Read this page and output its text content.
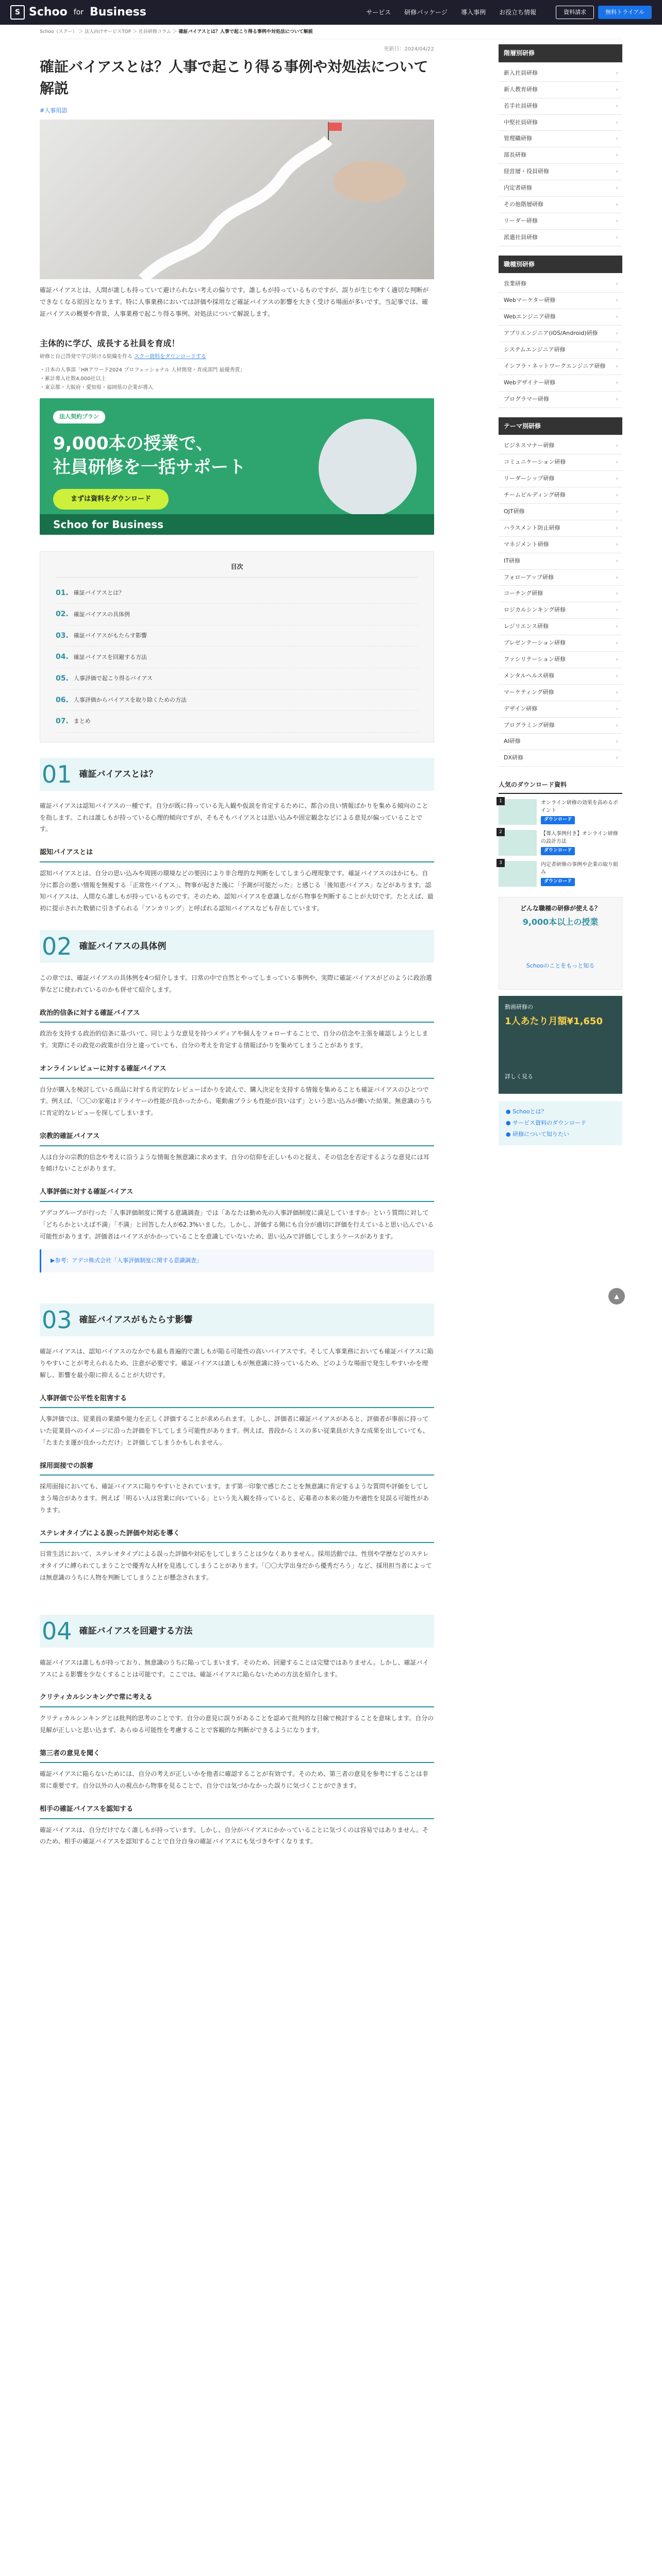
S Schoo for Business	サービス 研修パッケージ 導入事例 お役立ち情報	資料請求	無料トライアル
Schoo（スクー） ＞ 法人向けサービスTOP ＞ 社員研修コラム ＞ 確証バイアスとは？人事で起こり得る事例や対処法について解説
更新日：2024/04/22
確証バイアスとは？人事で起こり得る事例や対処法について解説
#人事用語

確証バイアスとは、人間が誰しも持っていて避けられない考えの偏りです。誰しもが持っているものですが、誤りが生じやすく適切な判断ができなくなる原因となります。特に人事業務においては評価や採用など確証バイアスの影響を大きく受ける場面が多いです。当記事では、確証バイアスの概要や背景、人事業務で起こり得る事例、対処法について解説します。

主体的に学び、成長する社員を育成！
研修と自己啓発で学び続ける組織を作る スクー資料をダウンロードする
・日本の人事部「HRアワード2024 プロフェッショナル 人材開発・育成部門 最優秀賞」
・累計導入社数4,000社以上
・東京都・大阪府・愛知県・福岡県の企業が導入
法人契約プラン
9,000本の授業で、
社員研修を一括サポート
まずは資料をダウンロード
Schoo for Business
目次
01. 確証バイアスとは？
02. 確証バイアスの具体例
03. 確証バイアスがもたらす影響
04. 確証バイアスを回避する方法
05. 人事評価で起こり得るバイアス
06. 人事評価からバイアスを取り除くための方法
07. まとめ
01 確証バイアスとは？

確証バイアスは認知バイアスの一種です。自分が既に持っている先入観や仮説を肯定するために、都合の良い情報ばかりを集める傾向のことを指します。これは誰しもが持っている心理的傾向ですが、そもそもバイアスとは思い込みや固定観念などによる意見が偏っていることです。

認知バイアスとは

認知バイアスとは、自分の思い込みや周囲の環境などの要因により非合理的な判断をしてしまう心理現象です。確証バイアスのほかにも、自分に都合の悪い情報を無視する「正常性バイアス」、物事が起きた後に「予測が可能だった」と感じる「後知恵バイアス」などがあります。認知バイアスは、人間なら誰しもが持っているものです。そのため、認知バイアスを意識しながら物事を判断することが大切です。たとえば、最初に提示された数値に引きずられる「アンカリング」と呼ばれる認知バイアスなども存在しています。

02 確証バイアスの具体例

この章では、確証バイアスの具体例を4つ紹介します。日常の中で自然とやってしまっている事例や、実際に確証バイアスがどのように政治選挙などに使われているのかも併せて紹介します。

政治的信条に対する確証バイアス

政治を支持する政治的信条に基づいて、同じような意見を持つメディアや個人をフォローすることで、自分の信念や主張を確認しようとします。実際にその政党の政策が自分と違っていても、自分の考えを肯定する情報ばかりを集めてしまうことがあります。

オンラインレビューに対する確証バイアス

自分が購入を検討している商品に対する肯定的なレビューばかりを読んで、購入決定を支持する情報を集めることも確証バイアスのひとつです。例えば、「〇〇の家電はドライヤーの性能が良かったから、電動歯ブラシも性能が良いはず」という思い込みが働いた結果、無意識のうちに肯定的なレビューを探してしまいます。

宗教的確証バイアス

人は自分の宗教的信念や考えに沿うような情報を無意識に求めます。自分の信仰を正しいものと捉え、その信念を否定するような意見には耳を傾けないことがあります。

人事評価に対する確証バイアス

アデコグループが行った「人事評価制度に関する意識調査」では「あなたは勤め先の人事評価制度に満足していますか」という質問に対して「どちらかといえば不満」「不満」と回答した人が62.3%いました。しかし、評価する側にも自分が適切に評価を行えていると思い込んでいる可能性があります。評価者はバイアスがかかっていることを意識していないため、思い込みで評価してしまうケースがあります。

▶参考：アデコ株式会社「人事評価制度に関する意識調査」
03 確証バイアスがもたらす影響

確証バイアスは、認知バイアスのなかでも最も普遍的で誰しもが陥る可能性の高いバイアスです。そして人事業務においても確証バイアスに陥りやすいことが考えられるため、注意が必要です。確証バイアスは誰しもが無意識に持っているため、どのような場面で発生しやすいかを理解し、影響を最小限に抑えることが大切です。

人事評価で公平性を阻害する

人事評価では、従業員の業績や能力を正しく評価することが求められます。しかし、評価者に確証バイアスがあると、評価者が事前に持っていた従業員へのイメージに沿った評価を下してしまう可能性があります。例えば、普段からミスの多い従業員が大きな成果を出していても、「たまたま運が良かっただけ」と評価してしまうかもしれません。

採用面接での誤審

採用面接においても、確証バイアスに陥りやすいとされています。まず第一印象で感じたことを無意識に肯定するような質問や評価をしてしまう場合があります。例えば「明るい人は営業に向いている」という先入観を持っていると、応募者の本来の能力や適性を見誤る可能性があります。

ステレオタイプによる誤った評価や対応を導く

日常生活において、ステレオタイプによる誤った評価や対応をしてしまうことは少なくありません。採用活動では、性別や学歴などのステレオタイプに縛られてしまうことで優秀な人材を見逃してしまうことがあります。「〇〇大学出身だから優秀だろう」など、採用担当者によっては無意識のうちに人物を判断してしまうことが懸念されます。

04 確証バイアスを回避する方法

確証バイアスは誰しもが持っており、無意識のうちに陥ってしまいます。そのため、回避することは完璧ではありません。しかし、確証バイアスによる影響を少なくすることは可能です。ここでは、確証バイアスに陥らないための方法を紹介します。

クリティカルシンキングで常に考える

クリティカルシンキングとは批判的思考のことです。自分の意見に誤りがあることを認めて批判的な目線で検討することを意味します。自分の見解が正しいと思い込まず、あらゆる可能性を考慮することで客観的な判断ができるようになります。

第三者の意見を聞く

確証バイアスに陥らないためには、自分の考えが正しいかを他者に確認することが有効です。そのため、第三者の意見を参考にすることは非常に重要です。自分以外の人の視点から物事を見ることで、自分では気づかなかった誤りに気づくことができます。

相手の確証バイアスを認知する

確証バイアスは、自分だけでなく誰しもが持っています。しかし、自分がバイアスにかかっていることに気づくのは容易ではありません。そのため、相手の確証バイアスを認知することで自分自身の確証バイアスにも気づきやすくなります。

階層別研修
新入社員研修 ›
新人教育研修 ›
若手社員研修 ›
中堅社員研修 ›
管理職研修 ›
部長研修 ›
経営層・役員研修 ›
内定者研修 ›
その他階層研修 ›
リーダー研修 ›
派遣社員研修 ›
職種別研修
営業研修 ›
Webマーケター研修 ›
Webエンジニア研修 ›
アプリエンジニア(iOS/Android)研修 ›
システムエンジニア研修 ›
インフラ・ネットワークエンジニア研修 ›
Webデザイナー研修 ›
プログラマー研修 ›
テーマ別研修
ビジネスマナー研修 ›
コミュニケーション研修 ›
リーダーシップ研修 ›
チームビルディング研修 ›
OJT研修 ›
ハラスメント防止研修 ›
マネジメント研修 ›
IT研修 ›
フォローアップ研修 ›
コーチング研修 ›
ロジカルシンキング研修 ›
レジリエンス研修 ›
プレゼンテーション研修 ›
ファシリテーション研修 ›
メンタルヘルス研修 ›
マーケティング研修 ›
デザイン研修 ›
プログラミング研修 ›
AI研修 ›
DX研修 ›
人気のダウンロード資料
1	オンライン研修の効果を高めるポイント
ダウンロード
2	【導入事例付き】オンライン研修の設計方法
ダウンロード
3	内定者研修の事例や企業の取り組み
ダウンロード
どんな職種の研修が使える？
9,000本以上の授業
Schooのことをもっと知る
動画研修の
1人あたり月額¥1,650
詳しく見る
● Schooとは？
● サービス資料のダウンロード
● 研修について知りたい
▲
